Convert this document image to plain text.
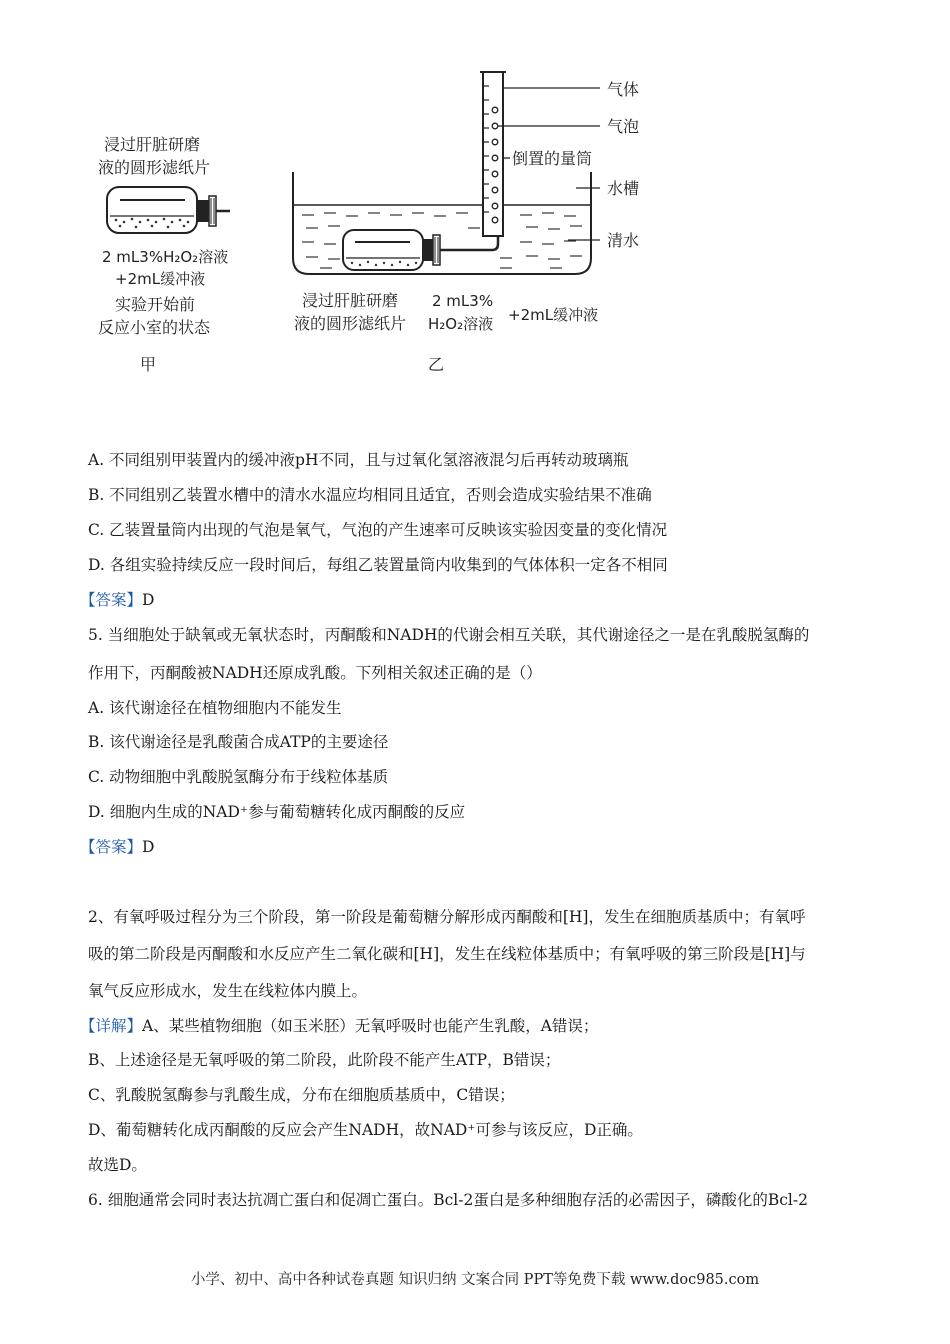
浸过肝脏研磨
液的圆形滤纸片
2 mL3%H₂O₂溶液
+2mL缓冲液
实验开始前
反应小室的状态
甲
气体
气泡
倒置的量筒
水槽
清水
浸过肝脏研磨
液的圆形滤纸片
2 mL3%
H₂O₂溶液 +2mL缓冲液
乙
A. 不同组别甲装置内的缓冲液pH不同，且与过氧化氢溶液混匀后再转动玻璃瓶
B. 不同组别乙装置水槽中的清水水温应均相同且适宜，否则会造成实验结果不准确
C. 乙装置量筒内出现的气泡是氧气，气泡的产生速率可反映该实验因变量的变化情况
D. 各组实验持续反应一段时间后，每组乙装置量筒内收集到的气体体积一定各不相同
【答案】D
5. 当细胞处于缺氧或无氧状态时，丙酮酸和NADH的代谢会相互关联，其代谢途径之一是在乳酸脱氢酶的
作用下，丙酮酸被NADH还原成乳酸。下列相关叙述正确的是（）
A. 该代谢途径在植物细胞内不能发生
B. 该代谢途径是乳酸菌合成ATP的主要途径
C. 动物细胞中乳酸脱氢酶分布于线粒体基质
D. 细胞内生成的NAD⁺参与葡萄糖转化成丙酮酸的反应
【答案】D
2、有氧呼吸过程分为三个阶段，第一阶段是葡萄糖分解形成丙酮酸和[H]，发生在细胞质基质中；有氧呼
吸的第二阶段是丙酮酸和水反应产生二氧化碳和[H]，发生在线粒体基质中；有氧呼吸的第三阶段是[H]与
氧气反应形成水，发生在线粒体内膜上。
【详解】A、某些植物细胞（如玉米胚）无氧呼吸时也能产生乳酸，A错误；
B、上述途径是无氧呼吸的第二阶段，此阶段不能产生ATP，B错误；
C、乳酸脱氢酶参与乳酸生成，分布在细胞质基质中，C错误；
D、葡萄糖转化成丙酮酸的反应会产生NADH，故NAD⁺可参与该反应，D正确。
故选D。
6. 细胞通常会同时表达抗凋亡蛋白和促凋亡蛋白。Bcl-2蛋白是多种细胞存活的必需因子，磷酸化的Bcl-2
小学、初中、高中各种试卷真题 知识归纳 文案合同 PPT等免费下载 www.doc985.com
